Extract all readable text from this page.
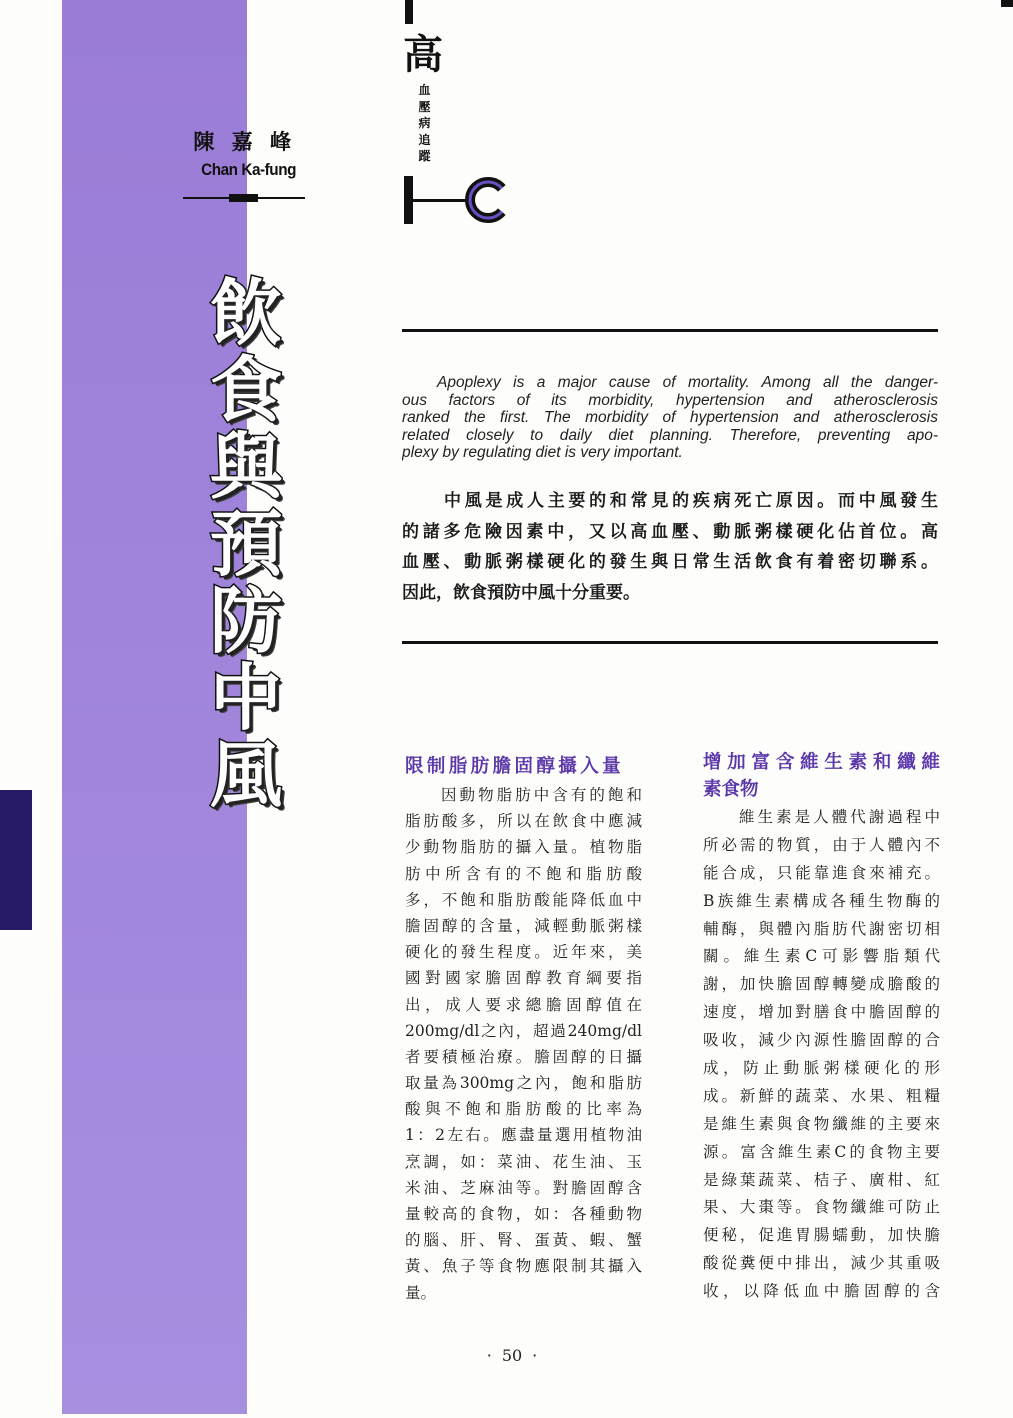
陳 嘉 峰
Chan Ka-fung
飲食與預防中風
高
血壓病追蹤
Apoplexy is a major cause of mortality. Among all the danger-
ous factors of its morbidity, hypertension and atherosclerosis
ranked the first. The morbidity of hypertension and atherosclerosis
related closely to daily diet planning. Therefore, preventing apo-
plexy by regulating diet is very important.
中風是成人主要的和常見的疾病死亡原因。而中風發生
的諸多危險因素中，又以高血壓、動脈粥樣硬化佔首位。高
血壓、動脈粥樣硬化的發生與日常生活飲食有着密切聯系。
因此，飲食預防中風十分重要。
限制脂肪膽固醇攝入量
因動物脂肪中含有的飽和
脂肪酸多，所以在飲食中應減
少動物脂肪的攝入量。植物脂
肪中所含有的不飽和脂肪酸
多，不飽和脂肪酸能降低血中
膽固醇的含量，減輕動脈粥樣
硬化的發生程度。近年來，美
國對國家膽固醇教育綱要指
出，成人要求總膽固醇值在
200mg/dl之內，超過240mg/dl
者要積極治療。膽固醇的日攝
取量為300mg之內，飽和脂肪
酸與不飽和脂肪酸的比率為
1：2左右。應盡量選用植物油
烹調，如：菜油、花生油、玉
米油、芝麻油等。對膽固醇含
量較高的食物，如：各種動物
的腦、肝、腎、蛋黃、蝦、蟹
黃、魚子等食物應限制其攝入
量。
增加富含維生素和纖維
素食物
維生素是人體代謝過程中
所必需的物質，由于人體內不
能合成，只能靠進食來補充。
B族維生素構成各種生物酶的
輔酶，與體內脂肪代謝密切相
關。維生素C可影響脂類代
謝，加快膽固醇轉變成膽酸的
速度，增加對膳食中膽固醇的
吸收，減少內源性膽固醇的合
成，防止動脈粥樣硬化的形
成。新鮮的蔬菜、水果、粗糧
是維生素與食物纖維的主要來
源。富含維生素C的食物主要
是綠葉蔬菜、桔子、廣柑、紅
果、大棗等。食物纖維可防止
便秘，促進胃腸蠕動，加快膽
酸從糞便中排出，減少其重吸
收，以降低血中膽固醇的含
· 50 ·
